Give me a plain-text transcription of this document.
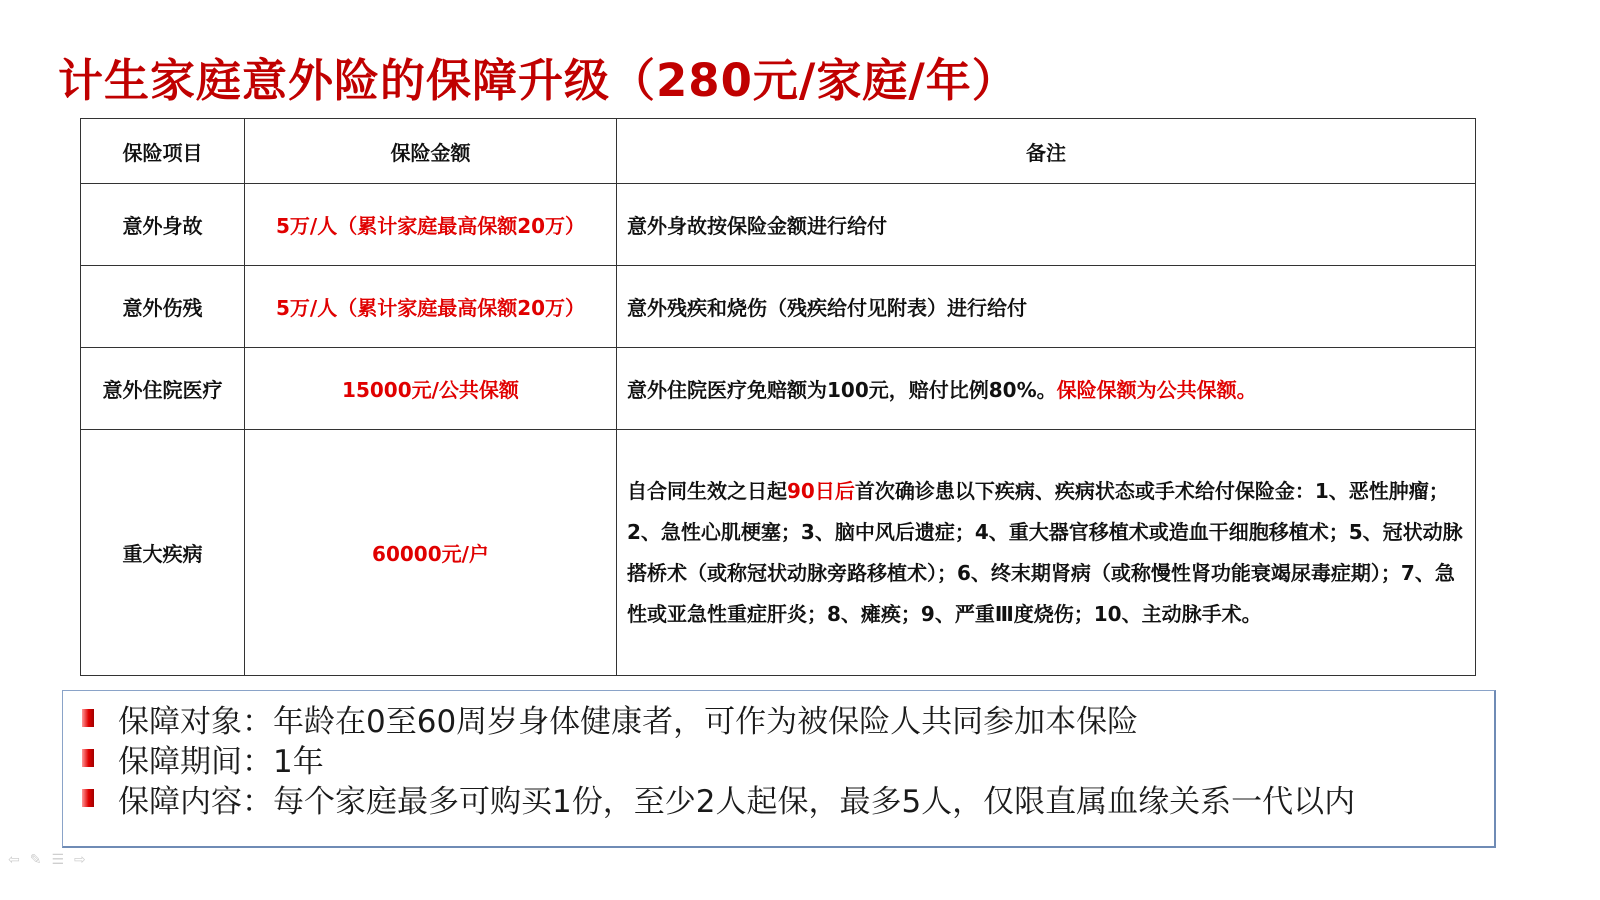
计生家庭意外险的保障升级（280元/家庭/年）
保险项目	保险金额	备注
意外身故	5万/人（累计家庭最高保额20万）	意外身故按保险金额进行给付
意外伤残	5万/人（累计家庭最高保额20万）	意外残疾和烧伤（残疾给付见附表）进行给付
意外住院医疗	15000元/公共保额	意外住院医疗免赔额为100元，赔付比例80%。保险保额为公共保额。
重大疾病	60000元/户	自合同生效之日起90日后首次确诊患以下疾病、疾病状态或手术给付保险金：1、恶性肿瘤；2、急性心肌梗塞；3、脑中风后遗症；4、重大器官移植术或造血干细胞移植术；5、冠状动脉搭桥术（或称冠状动脉旁路移植术）；6、终末期肾病（或称慢性肾功能衰竭尿毒症期）；7、急性或亚急性重症肝炎；8、瘫痪；9、严重Ⅲ度烧伤；10、主动脉手术。
保障对象：年龄在0至60周岁身体健康者，可作为被保险人共同参加本保险
保障期间：1年
保障内容：每个家庭最多可购买1份，至少2人起保，最多5人，仅限直属血缘关系一代以内
⇦ ✎ ☰ ⇨
